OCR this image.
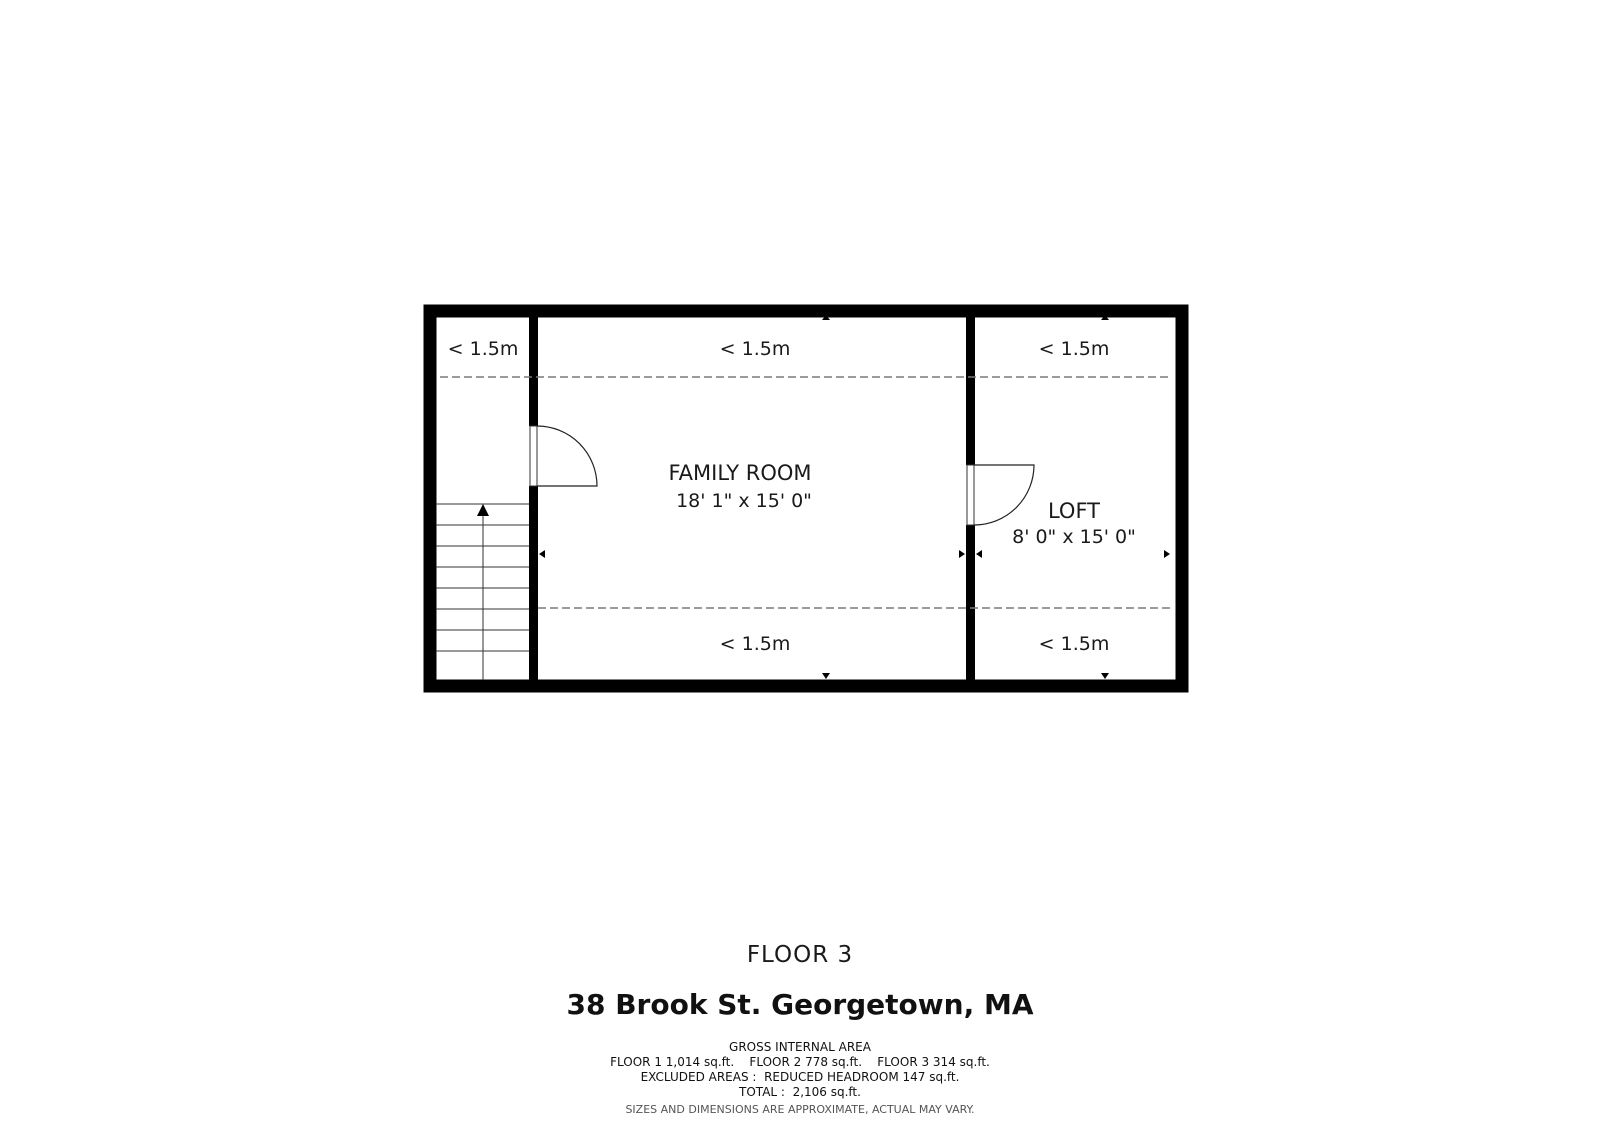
< 1.5m	< 1.5m	< 1.5m
< 1.5m	< 1.5m
FAMILY ROOM
18' 1" x 15' 0"	LOFT
8' 0" x 15' 0"
FLOOR 3
38 Brook St. Georgetown, MA
GROSS INTERNAL AREA
FLOOR 1 1,014 sq.ft.    FLOOR 2 778 sq.ft.    FLOOR 3 314 sq.ft.
EXCLUDED AREAS :  REDUCED HEADROOM 147 sq.ft.
TOTAL :  2,106 sq.ft.
SIZES AND DIMENSIONS ARE APPROXIMATE, ACTUAL MAY VARY.
